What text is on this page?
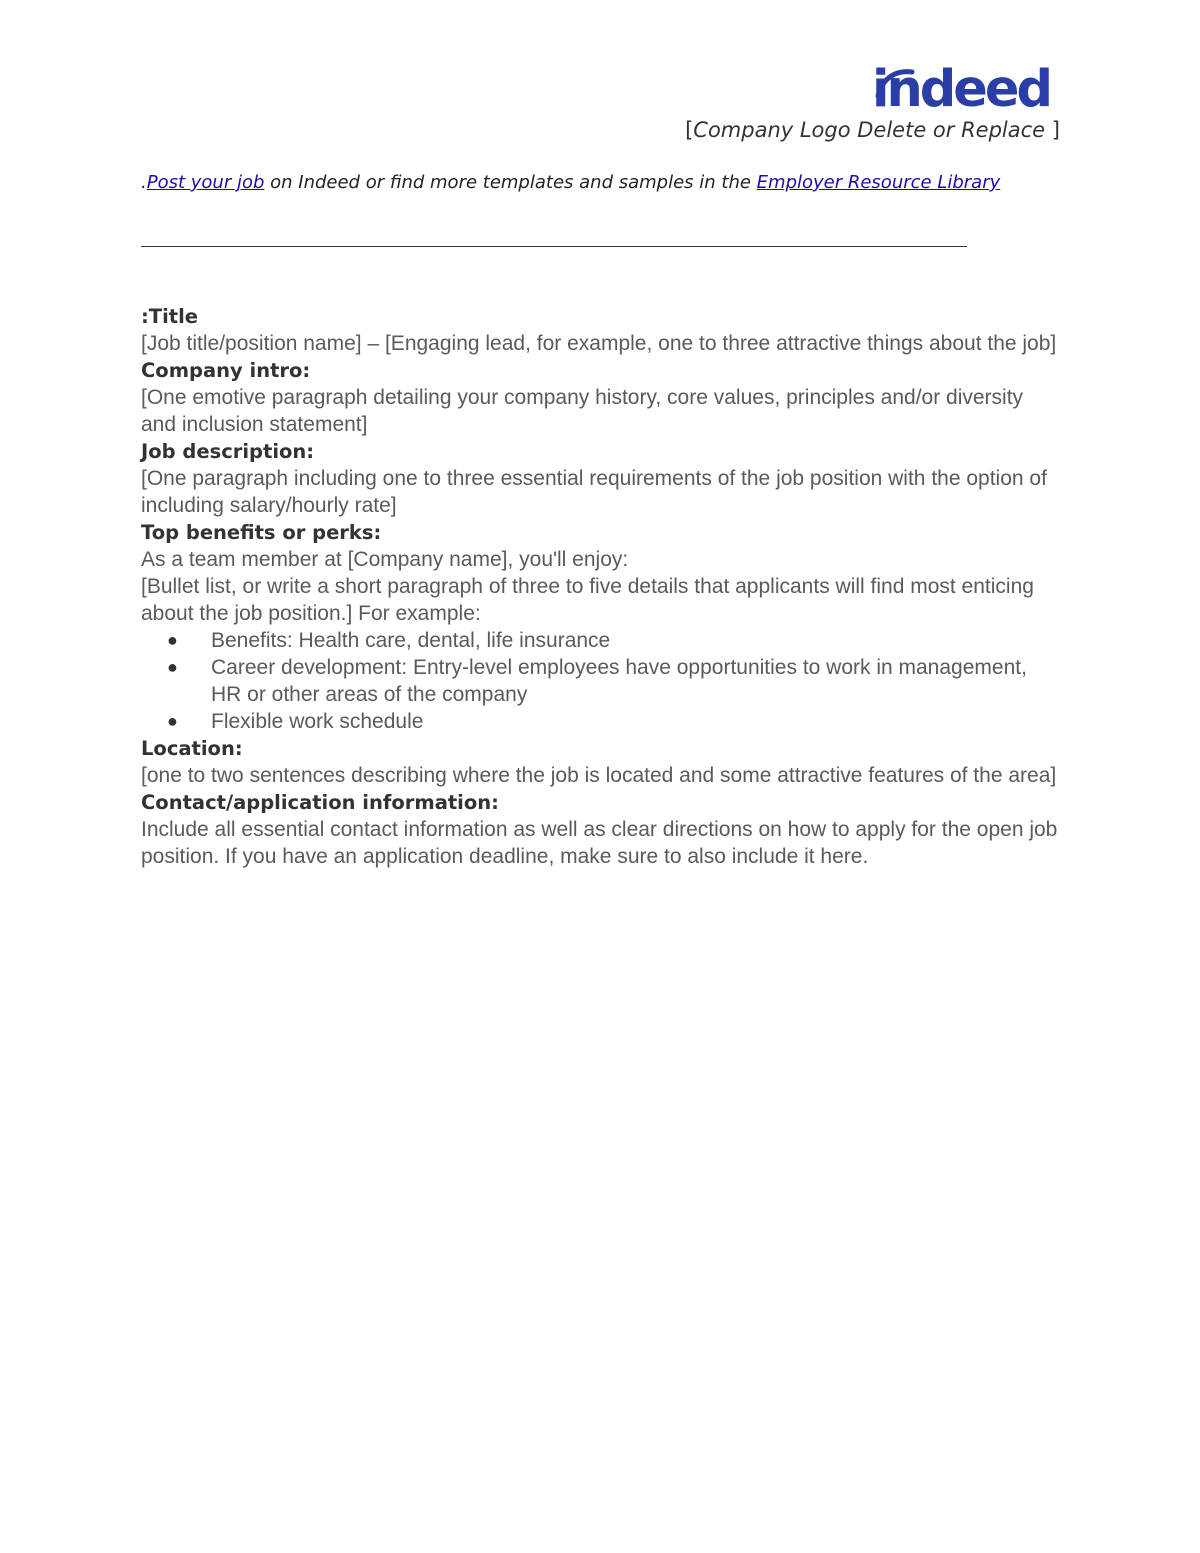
indeed
[Company Logo Delete or Replace ]
.Post your job on Indeed or find more templates and samples in the Employer Resource Library
:Title

[Job title/position name] – [Engaging lead, for example, one to three attractive things about the job]

Company intro:

[One emotive paragraph detailing your company history, core values, principles and/or diversity and inclusion statement]

Job description:

[One paragraph including one to three essential requirements of the job position with the option of including salary/hourly rate]

Top benefits or perks:

As a team member at [Company name], you'll enjoy:

[Bullet list, or write a short paragraph of three to five details that applicants will find most enticing about the job position.] For example:

● Benefits: Health care, dental, life insurance
● Career development: Entry-level employees have opportunities to work in management, HR or other areas of the company
● Flexible work schedule
Location:

[one to two sentences describing where the job is located and some attractive features of the area]

Contact/application information:

Include all essential contact information as well as clear directions on how to apply for the open job position. If you have an application deadline, make sure to also include it here.
